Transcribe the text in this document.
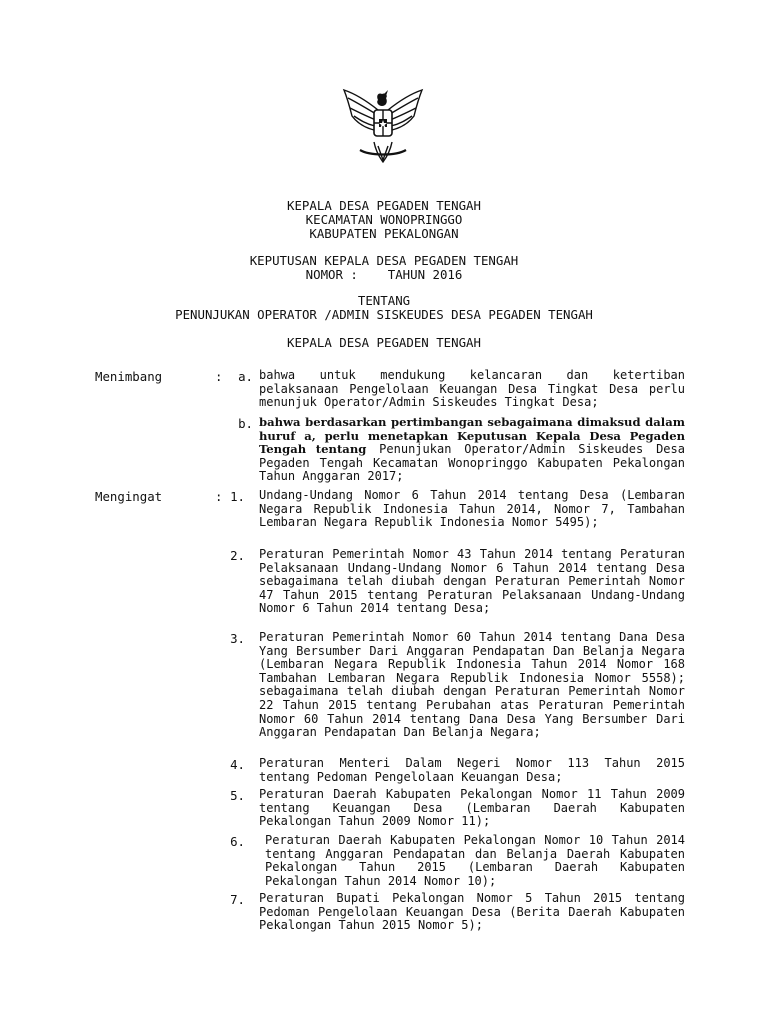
KEPALA DESA PEGADEN TENGAH
KECAMATAN WONOPRINGGO
KABUPATEN PEKALONGAN
KEPUTUSAN KEPALA DESA PEGADEN TENGAH
NOMOR :    TAHUN 2016
TENTANG
PENUNJUKAN OPERATOR /ADMIN SISKEUDES DESA PEGADEN TENGAH
KEPALA DESA PEGADEN TENGAH
Menimbang	:	a. bahwa untuk mendukung kelancaran dan ketertiban pelaksanaan Pengelolaan Keuangan Desa Tingkat Desa perlu menunjuk Operator/Admin Siskeudes Tingkat Desa;
b. bahwa berdasarkan pertimbangan sebagaimana dimaksud dalam huruf a, perlu menetapkan Keputusan Kepala Desa Pegaden Tengah tentang Penunjukan Operator/Admin Siskeudes Desa Pegaden Tengah Kecamatan Wonopringgo Kabupaten Pekalongan Tahun Anggaran 2017;
Mengingat	: 1. Undang-Undang Nomor 6 Tahun 2014 tentang Desa (Lembaran Negara Republik Indonesia Tahun 2014, Nomor 7, Tambahan Lembaran Negara Republik Indonesia Nomor 5495);
2. Peraturan Pemerintah Nomor 43 Tahun 2014 tentang Peraturan Pelaksanaan Undang-Undang Nomor 6 Tahun 2014 tentang Desa sebagaimana telah diubah dengan Peraturan Pemerintah Nomor 47 Tahun 2015 tentang Peraturan Pelaksanaan Undang-Undang Nomor 6 Tahun 2014 tentang Desa;
3. Peraturan Pemerintah Nomor 60 Tahun 2014 tentang Dana Desa Yang Bersumber Dari Anggaran Pendapatan Dan Belanja Negara (Lembaran Negara Republik Indonesia Tahun 2014 Nomor 168 Tambahan Lembaran Negara Republik Indonesia Nomor 5558); sebagaimana telah diubah dengan Peraturan Pemerintah Nomor 22 Tahun 2015 tentang Perubahan atas Peraturan Pemerintah Nomor 60 Tahun 2014 tentang Dana Desa Yang Bersumber Dari Anggaran Pendapatan Dan Belanja Negara;
4. Peraturan Menteri Dalam Negeri Nomor 113 Tahun 2015 tentang Pedoman Pengelolaan Keuangan Desa;
5. Peraturan Daerah Kabupaten Pekalongan Nomor 11 Tahun 2009 tentang Keuangan Desa (Lembaran Daerah Kabupaten Pekalongan Tahun 2009 Nomor 11);
6. Peraturan Daerah Kabupaten Pekalongan Nomor 10 Tahun 2014 tentang Anggaran Pendapatan dan Belanja Daerah Kabupaten Pekalongan Tahun 2015 (Lembaran Daerah Kabupaten Pekalongan Tahun 2014 Nomor 10);
7. Peraturan Bupati Pekalongan Nomor 5 Tahun 2015 tentang Pedoman Pengelolaan Keuangan Desa (Berita Daerah Kabupaten Pekalongan Tahun 2015 Nomor 5);
